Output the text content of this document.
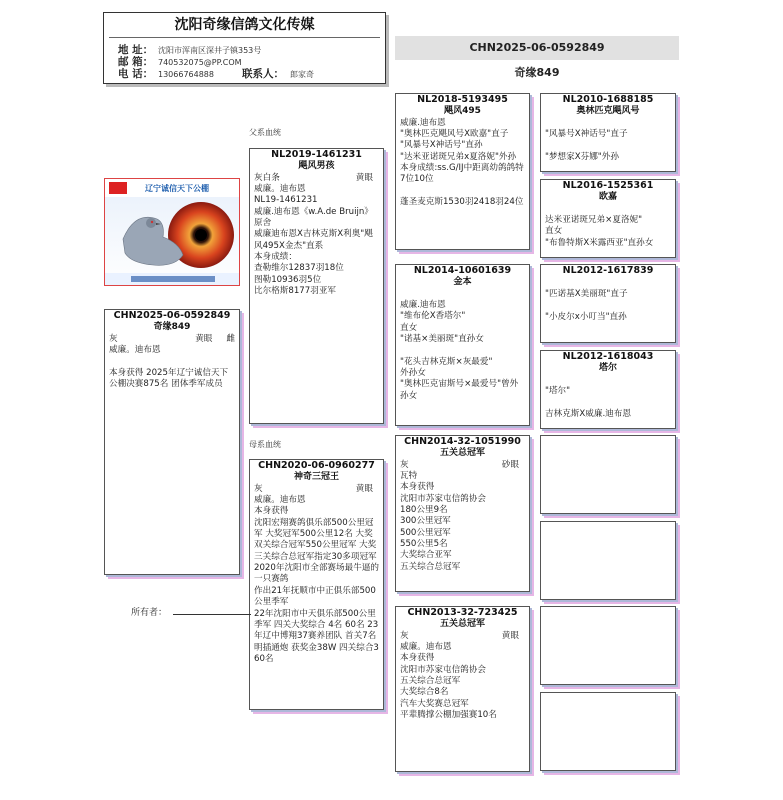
沈阳奇缘信鸽文化传媒
地 址： 沈阳市浑南区深井子镇353号
邮 箱： 740532075@PP.COM
电 话： 13066764888	联系人： 郎家奇
CHN2025-06-0592849
奇缘849
辽宁诚信天下公棚
CHN2025-06-0592849
奇缘849
灰	黄眼 雌
威廉。迪布恩

本身获得 2025年辽宁诚信天下公棚决赛875名 团体季军成员
父系血统
母系血统
NL2019-1461231
飓风男孩
灰白条	黄眼
威廉。迪布恩
NL19-1461231
威廉.迪布恩《w.A.de Bruijn》原舍
威廉迪布恩X吉林克斯X利奥"飓风495X金杰"直系
本身成绩：
查勒维尔12837羽18位
图勒10936羽5位
比尔格斯8177羽亚军
CHN2020-06-0960277
神奇三冠王
灰	黄眼
威廉。迪布恩
本身获得
沈阳宏翔赛鸽俱乐部500公里冠军 大奖冠军500公里12名 大奖双关综合冠军550公里冠军 大奖三关综合总冠军指定30多项冠军
2020年沈阳市全部赛场最牛逼的一只赛鸽
作出21年抚顺市中正俱乐部500公里季军
22年沈阳市中天俱乐部500公里季军 四关大奖综合 4名 60名 23年辽中博翔37赛养团队 首关7名 明插通炮 获奖金38W 四关综合360名
NL2018-5193495
飓风495
威廉.迪布恩
"奥林匹克飓风号X欧嘉"直子
"风暴号X神话号"直孙
"达米亚诺斑兄弟x夏洛妮"外孙
本身成绩:ss.G/IJ中距离幼鸽鸽特7位10位

蓬圣麦克斯1530羽2418羽24位
NL2014-10601639
金本

威廉.迪布恩
"维布伦X香塔尔"
直女
"诺基×美丽斑"直孙女

"花头吉林克斯×灰最爱"
外孙女
"奥林匹克宙斯号×最爱号"曾外孙女
CHN2014-32-1051990
五关总冠军
灰	砂眼
瓦特
本身获得
沈阳市苏家屯信鸽协会
180公里9名
300公里冠军
500公里冠军
550公里5名
大奖综合亚军
五关综合总冠军
CHN2013-32-723425
五关总冠军
灰	黄眼
威廉。迪布恩
本身获得
沈阳市苏家屯信鸽协会
五关综合总冠军
大奖综合8名
汽车大奖赛总冠军
平辈腾撑公棚加强赛10名
NL2010-1688185
奥林匹克飓风号

"风暴号X神话号"直子

"梦想家X芬娜"外孙
NL2016-1525361
欧嘉

达米亚诺斑兄弟×夏洛妮"
直女
"布鲁特斯X米露西亚"直孙女
NL2012-1617839

"匹诺基X美丽斑"直子

"小皮尔x小叮当"直孙
NL2012-1618043
塔尔

"塔尔"

吉林克斯X威廉.迪布恩
所有者：
